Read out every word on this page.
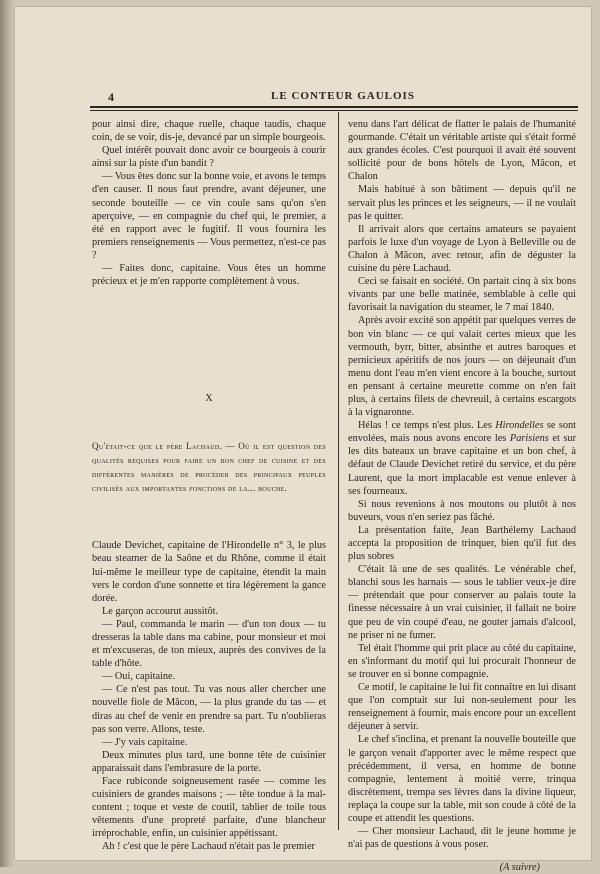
4	LE CONTEUR GAULOIS

pour ainsi dire, chaque ruelle, chaque taudis, chaque coin, de se voir, dis-je, devancé par un simple bourgeois.

Quel intérêt pouvait donc avoir ce bourgeois à courir ainsi sur la piste d'un bandit ?

— Vous êtes donc sur la bonne voie, et avons le temps d'en causer. Il nous faut prendre, avant déjeuner, une seconde bouteille — ce vin coule sans qu'on s'en aperçoive, — en compagnie du chef qui, le premier, a été en rapport avec le fugitif. Il vous fournira les premiers renseignements — Vous permettez, n'est-ce pas ?

— Faites donc, capitaine. Vous êtes un homme précieux et je m'en rapporte complètement à vous.

X

Qu'était-ce que le père Lachaud. — Où il est question des qualités requises pour faire un bon chef de cuisine et des différentes manières de procéder des principaux peuples civilisés aux importantes fonctions de la... bouche.

Claude Devichet, capitaine de l'Hirondelle n° 3, le plus beau steamer de la Saône et du Rhône, comme il était lui-même le meilleur type de capitaine, étendit la main vers le cordon d'une sonnette et tira légèrement la gance dorée.

Le garçon accourut aussitôt.

— Paul, commanda le marin — d'un ton doux — tu dresseras la table dans ma cabine, pour monsieur et moi et m'excuseras, de ton mieux, auprès des convives de la table d'hôte.

— Oui, capitaine.

— Ce n'est pas tout. Tu vas nous aller chercher une nouvelle fiole de Mâcon, — la plus grande du tas — et diras au chef de venir en prendre sa part. Tu n'oublieras pas son verre. Allons, teste.

— J'y vais capitaine.

Deux minutes plus tard, une bonne tête de cuisinier apparaissait dans l'embrasure de la porte.

Face rubiconde soigneusement rasée — comme les cuisiniers de grandes maisons ; — tête tondue à la mal-content ; toque et veste de coutil, tablier de toile tous vêtements d'une propreté parfaite, d'une blancheur irréprochable, enfin, un cuisinier appétissant.

Ah ! c'est que le père Lachaud n'était pas le premier

venu dans l'art délicat de flatter le palais de l'humanité gourmande. C'était un véritable artiste qui s'était formé aux grandes écoles. C'est pourquoi il avait été souvent sollicité pour de bons hôtels de Lyon, Mâcon, et Chalon

Mais habitué à son bâtiment — depuis qu'il ne servait plus les princes et les seigneurs, — il ne voulait pas le quitter.

Il arrivait alors que certains amateurs se payaient parfois le luxe d'un voyage de Lyon à Belleville ou de Chalon à Mâcon, avec retour, afin de déguster la cuisine du père Lachaud.

Ceci se faisait en société. On partait cinq à six bons vivants par une belle matinée, semblable à celle qui favorisait la navigation du steamer, le 7 mai 1840.

Après avoir excité son appétit par quelques verres de bon vin blanc — ce qui valait certes mieux que les vermouth, byrr, bitter, absinthe et autres baroques et pernicieux apéritifs de nos jours — on déjeunait d'un menu dont l'eau m'en vient encore à la bouche, surtout en pensant à certaine meurette comme on n'en fait plus, à certains filets de chevreuil, à certains escargots à la vignaronne.

Hélas ! ce temps n'est plus. Les Hirondelles se sont envolées, mais nous avons encore les Parisiens et sur les dits bateaux un brave capitaine et un bon chef, à défaut de Claude Devichet retiré du service, et du père Laurent, que la mort implacable est venue enlever à ses fourneaux.

Si nous revenions à nos moutons ou plutôt à nos buveurs, vous n'en seriez pas fâché.

La présentation faite, Jean Barthélemy Lachaud accepta la proposition de trinquer, bien qu'il fut des plus sobres

C'était là une de ses qualités. Le vénérable chef, blanchi sous les harnais — sous le tablier veux-je dire — prétendait que pour conserver au palais toute la finesse nécessaire à un vrai cuisinier, il fallait ne boire que peu de vin coupé d'eau, ne gouter jamais d'alcool, ne priser ni ne fumer.

Tel était l'homme qui prit place au côté du capitaine, en s'informant du motif qui lui procurait l'honneur de se trouver en si bonne compagnie.

Ce motif, le capitaine le lui fit connaître en lui disant que l'on comptait sur lui non-seulement pour les renseignement à fournir, mais encore pour un excellent déjeuner à servir.

Le chef s'inclina, et prenant la nouvelle bouteille que le garçon venait d'apporter avec le même respect que précédemment, il versa, en homme de bonne compagnie, lentement à moitié verre, trinqua discrètement, trempa ses lèvres dans la divine liqueur, replaça la coupe sur la table, mit son coude à côté de la coupe et attendit les questions.

— Cher monsieur Lachaud, dit le jeune homme je n'ai pas de questions à vous poser.

(A suivre)
